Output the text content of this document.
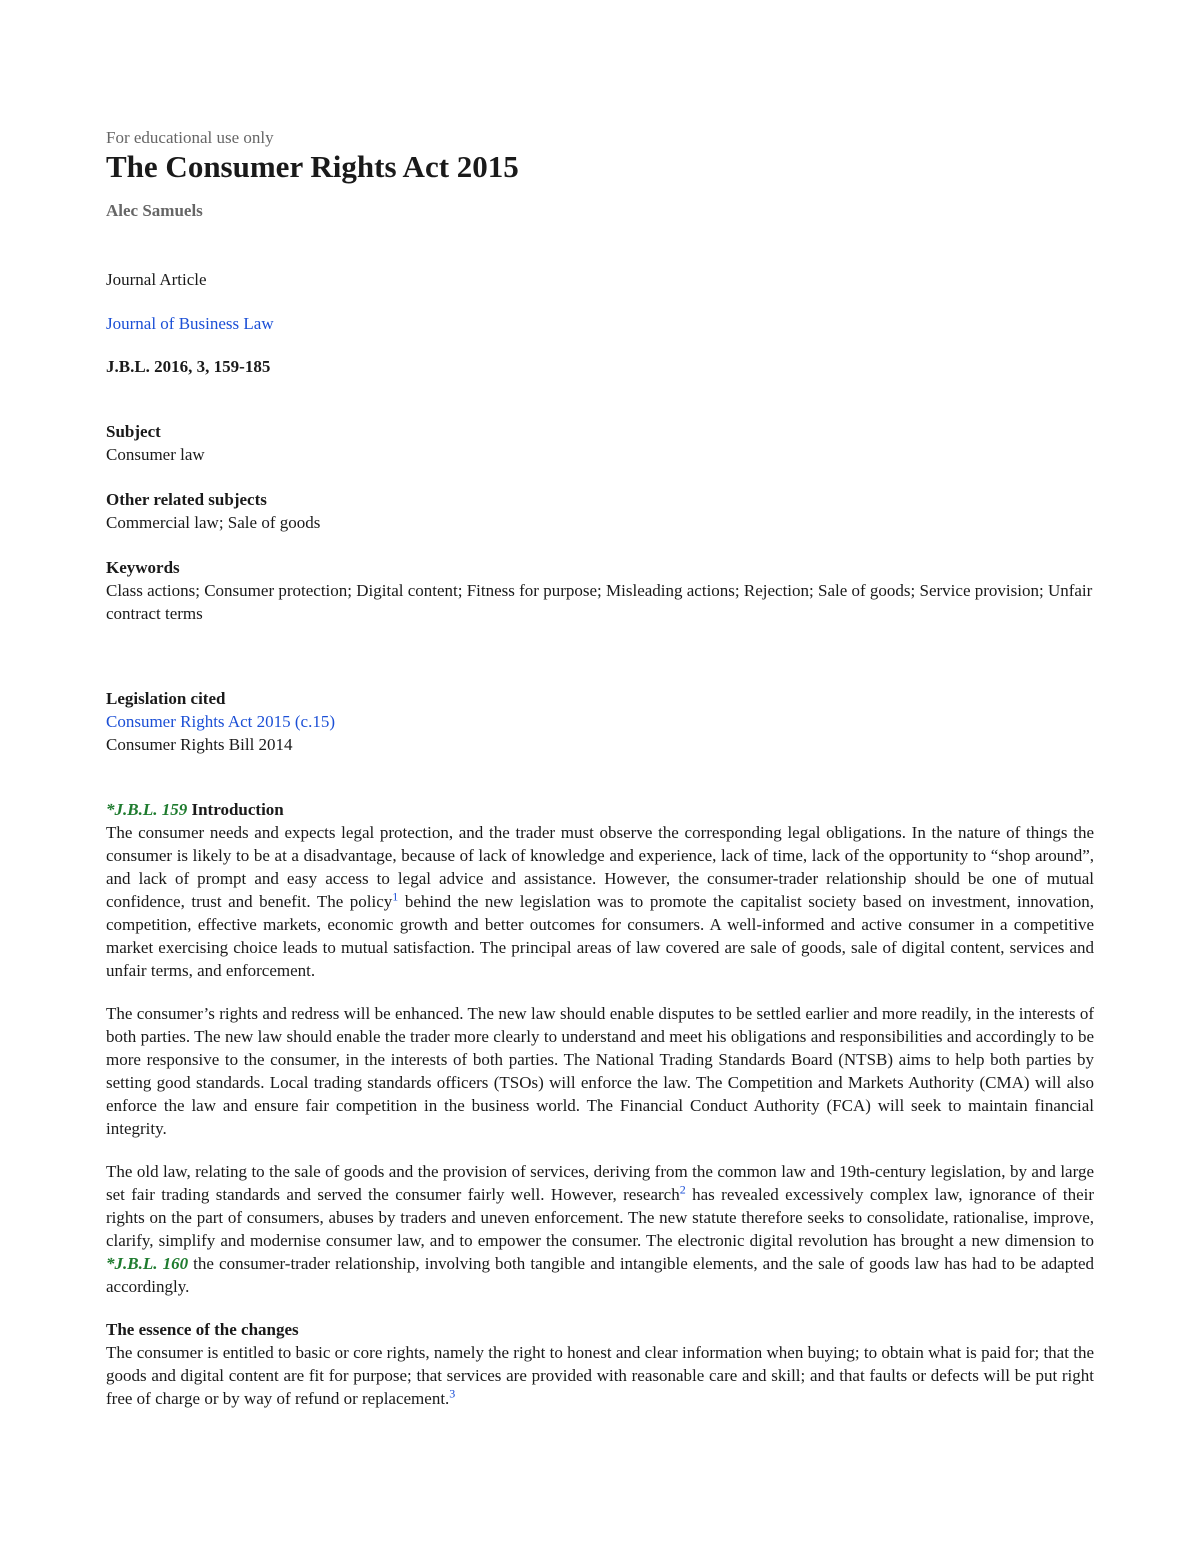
For educational use only

The Consumer Rights Act 2015

Alec Samuels

Journal Article

Journal of Business Law

J.B.L. 2016, 3, 159-185

Subject

Consumer law

Other related subjects

Commercial law; Sale of goods

Keywords

Class actions; Consumer protection; Digital content; Fitness for purpose; Misleading actions; Rejection; Sale of goods; Service provision; Unfair contract terms

Legislation cited

Consumer Rights Act 2015 (c.15)

Consumer Rights Bill 2014

*J.B.L. 159 Introduction

The consumer needs and expects legal protection, and the trader must observe the corresponding legal obligations. In the nature of things the consumer is likely to be at a disadvantage, because of lack of knowledge and experience, lack of time, lack of the opportunity to “shop around”, and lack of prompt and easy access to legal advice and assistance. However, the consumer-trader relationship should be one of mutual confidence, trust and benefit. The policy$^1$ behind the new legislation was to promote the capitalist society based on investment, innovation, competition, effective markets, economic growth and better outcomes for consumers. A well-informed and active consumer in a competitive market exercising choice leads to mutual satisfaction. The principal areas of law covered are sale of goods, sale of digital content, services and unfair terms, and enforcement.

The consumer’s rights and redress will be enhanced. The new law should enable disputes to be settled earlier and more readily, in the interests of both parties. The new law should enable the trader more clearly to understand and meet his obligations and responsibilities and accordingly to be more responsive to the consumer, in the interests of both parties. The National Trading Standards Board (NTSB) aims to help both parties by setting good standards. Local trading standards officers (TSOs) will enforce the law. The Competition and Markets Authority (CMA) will also enforce the law and ensure fair competition in the business world. The Financial Conduct Authority (FCA) will seek to maintain financial integrity.

The old law, relating to the sale of goods and the provision of services, deriving from the common law and 19th-century legislation, by and large set fair trading standards and served the consumer fairly well. However, research$^2$ has revealed excessively complex law, ignorance of their rights on the part of consumers, abuses by traders and uneven enforcement. The new statute therefore seeks to consolidate, rationalise, improve, clarify, simplify and modernise consumer law, and to empower the consumer. The electronic digital revolution has brought a new dimension to *J.B.L. 160 the consumer-trader relationship, involving both tangible and intangible elements, and the sale of goods law has had to be adapted accordingly.

The essence of the changes

The consumer is entitled to basic or core rights, namely the right to honest and clear information when buying; to obtain what is paid for; that the goods and digital content are fit for purpose; that services are provided with reasonable care and skill; and that faults or defects will be put right free of charge or by way of refund or replacement.$^3$
